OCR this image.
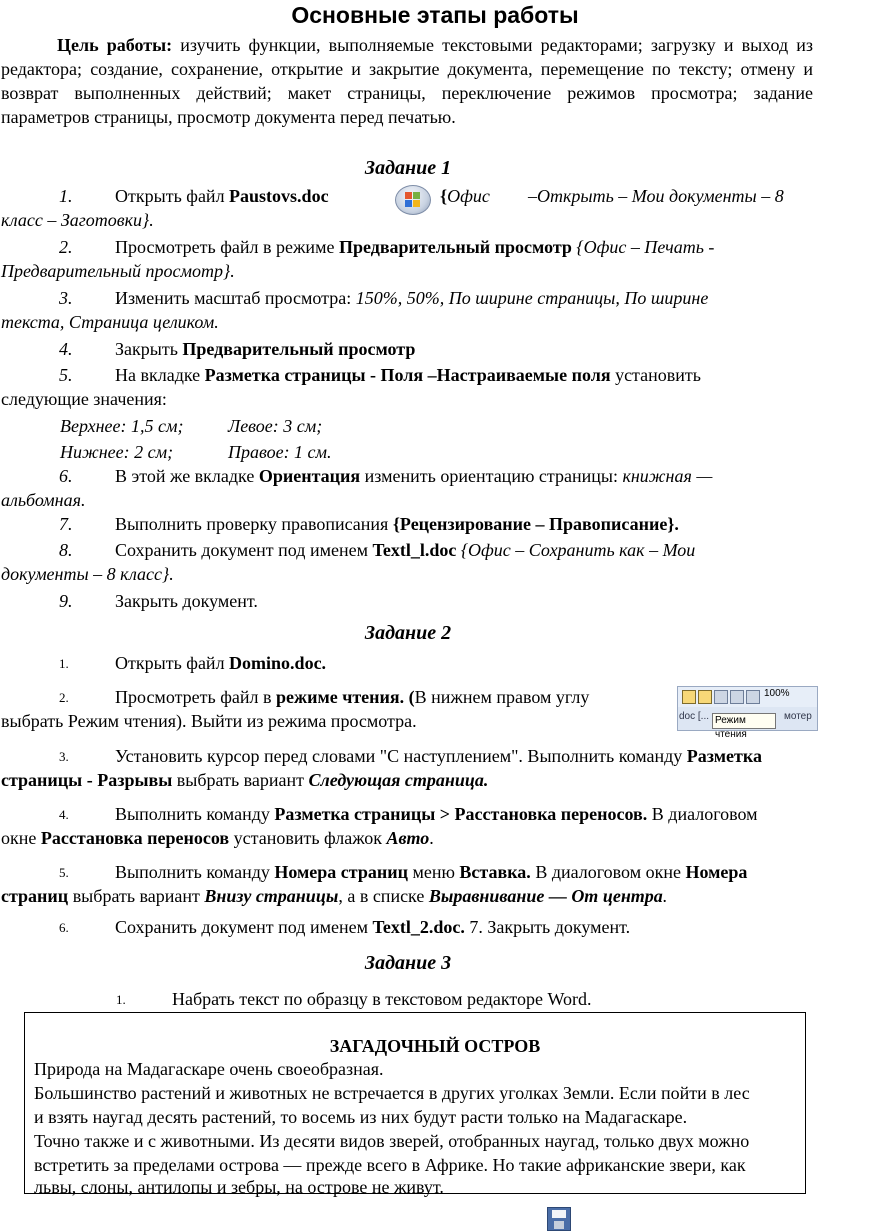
Основные этапы работы
Цель работы: изучить функции, выполняемые текстовыми редакторами; загрузку и выход из редактора; создание, сохранение, открытие и закрытие документа, перемещение по тексту; отмену и возврат выполненных действий; макет страницы, переключение режимов просмотра; задание параметров страницы, просмотр документа перед печатью.
Задание 1
1. Открыть файл Paustovs.doc	{Офис –Открыть – Мои документы – 8
класс – Заготовки}.
2. Просмотреть файл в режиме Предварительный просмотр {Офис – Печать -
Предварительный просмотр}.
3. Изменить масштаб просмотра: 150%, 50%, По ширине страницы, По ширине
текста, Страница целиком.
4. Закрыть Предварительный просмотр
5. На вкладке Разметка страницы - Поля –Настраиваемые поля установить
следующие значения:
Верхнее: 1,5 см; Левое: 3 см;
Нижнее: 2 см;	Правое: 1 см.
6. В этой же вкладке Ориентация изменить ориентацию страницы: книжная —
альбомная.
7. Выполнить проверку правописания {Рецензирование – Правописание}.
8. Сохранить документ под именем Textl_l.doc {Офис – Сохранить как – Мои
документы – 8 класс}.
9. Закрыть документ.
Задание 2
1.	Открыть файл Domino.doc.
2.	Просмотреть файл в режиме чтения. (В нижнем правом углу
выбрать Режим чтения). Выйти из режима просмотра.
100%
doc [... Режим чтения
мотер
3.	Установить курсор перед словами "С наступлением". Выполнить команду Разметка
страницы - Разрывы выбрать вариант Следующая страница.
4.	Выполнить команду Разметка страницы > Расстановка переносов. В диалоговом
окне Расстановка переносов установить флажок Авто.
5.	Выполнить команду Номера страниц меню Вставка. В диалоговом окне Номера
страниц выбрать вариант Внизу страницы, а в списке Выравнивание — От центра.
6.	Сохранить документ под именем Textl_2.doc. 7. Закрыть документ.
Задание 3
1.	Набрать текст по образцу в текстовом редакторе Word.
ЗАГАДОЧНЫЙ ОСТРОВ
Природа на Мадагаскаре очень своеобразная.
Большинство растений и животных не встречается в других уголках Земли. Если пойти в лес
и взять наугад десять растений, то восемь из них будут расти только на Мадагаскаре.
Точно также и с животными. Из десяти видов зверей, отобранных наугад, только двух можно
встретить за пределами острова — прежде всего в Африке. Но такие африканские звери, как
львы, слоны, антилопы и зебры, на острове не живут.
